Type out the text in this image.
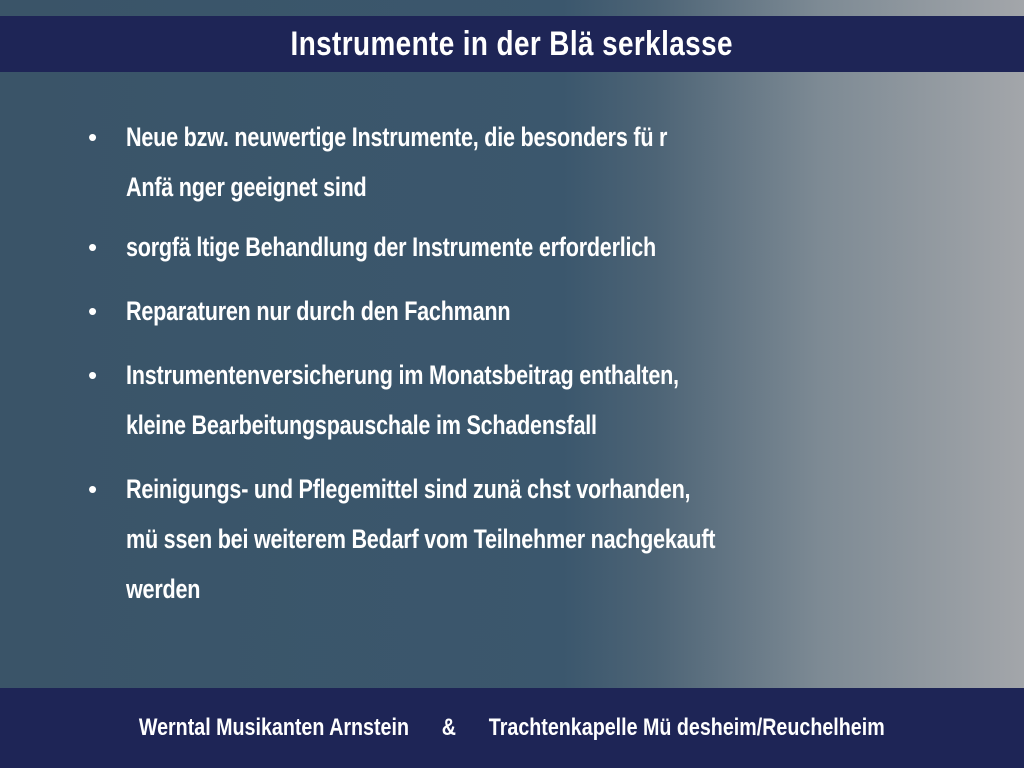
Instrumente in der Blä serklasse
•	Neue bzw. neuwertige Instrumente, die besonders fü r
Anfä nger geeignet sind
•	sorgfä ltige Behandlung der Instrumente erforderlich
•	Reparaturen nur durch den Fachmann
•	Instrumentenversicherung im Monatsbeitrag enthalten,
kleine Bearbeitungspauschale im Schadensfall
•	Reinigungs- und Pflegemittel sind zunä chst vorhanden,
mü ssen bei weiterem Bedarf vom Teilnehmer nachgekauft
werden
Werntal Musikanten Arnstein & Trachtenkapelle Mü desheim/Reuchelheim
